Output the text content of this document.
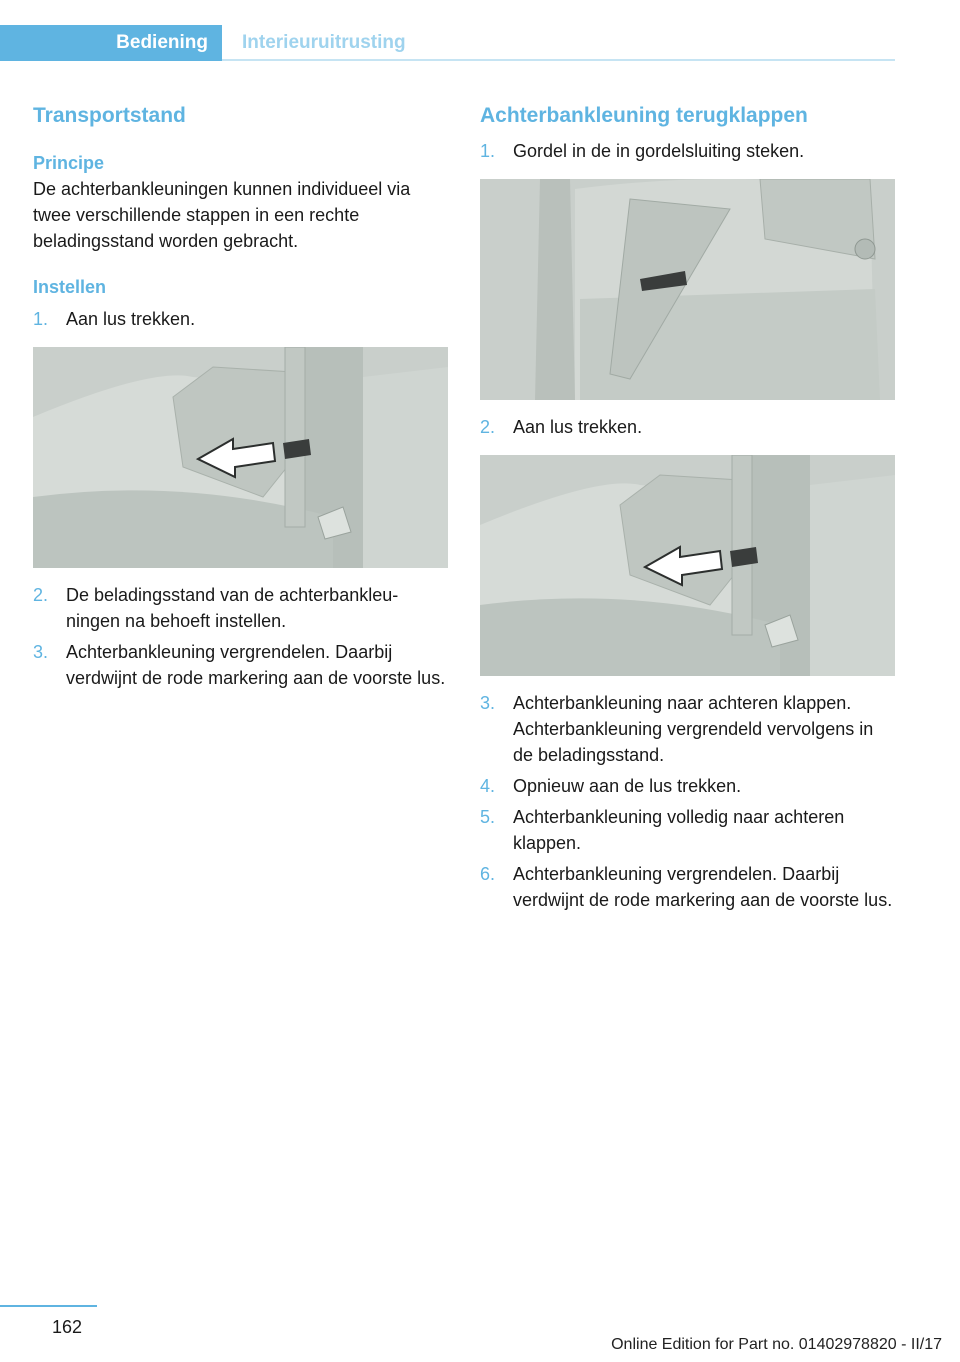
Bediening	Interieuruitrusting
Transportstand
Principe

De achterbankleuningen kunnen individueel via twee verschillende stappen in een rechte beladingsstand worden gebracht.

Instellen
1. Aan lus trekken.
2. De beladingsstand van de achterbankleu‐ningen na behoeft instellen.
3. Achterbankleuning vergrendelen. Daarbij verdwijnt de rode markering aan de voorste lus.
Achterbankleuning terugklappen
1. Gordel in de in gordelsluiting steken.
2. Aan lus trekken.
3. Achterbankleuning naar achteren klappen. Achterbankleuning vergrendeld vervolgens in de beladingsstand.
4. Opnieuw aan de lus trekken.
5. Achterbankleuning volledig naar achteren klappen.
6. Achterbankleuning vergrendelen. Daarbij verdwijnt de rode markering aan de voorste lus.
162
Online Edition for Part no. 01402978820 - II/17
